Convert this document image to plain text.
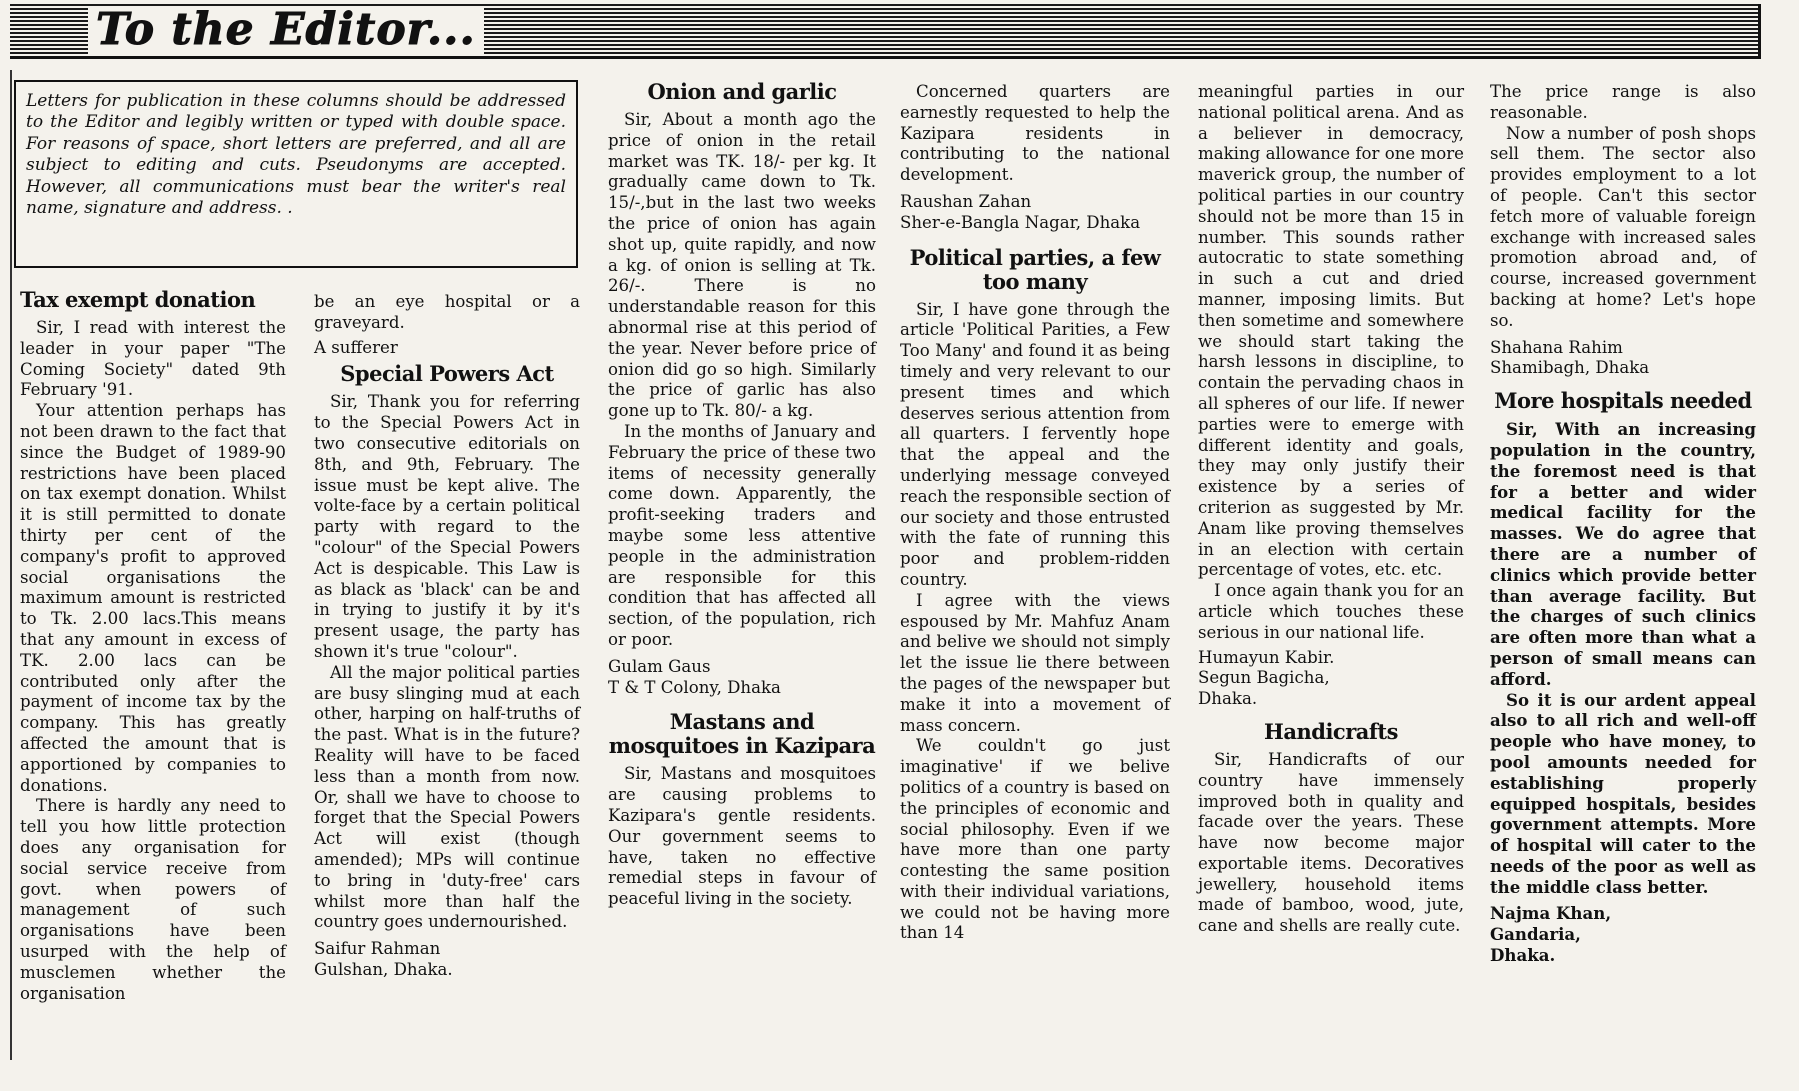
To the Editor...
Letters for publication in these columns should be addressed to the Editor and legibly written or typed with double space. For reasons of space, short letters are preferred, and all are subject to editing and cuts. Pseudonyms are accepted. However, all communications must bear the writer's real name, signature and address. .
Tax exempt donation

Sir, I read with interest the leader in your paper "The Coming Society" dated 9th February '91.

Your attention perhaps has not been drawn to the fact that since the Budget of 1989-90 restrictions have been placed on tax exempt donation. Whilst it is still permitted to donate thirty per cent of the company's profit to approved social organisations the maximum amount is restricted to Tk. 2.00 lacs.This means that any amount in excess of TK. 2.00 lacs can be contributed only after the payment of income tax by the company. This has greatly affected the amount that is apportioned by companies to donations.

There is hardly any need to tell you how little protection does any organisation for social service receive from govt. when powers of management of such organisations have been usurped with the help of musclemen whether the organisation

be an eye hospital or a graveyard.

A sufferer

Special Powers Act

Sir, Thank you for referring to the Special Powers Act in two consecutive editorials on 8th, and 9th, February. The issue must be kept alive. The volte-face by a certain political party with regard to the "colour" of the Special Powers Act is despicable. This Law is as black as 'black' can be and in trying to justify it by it's present usage, the party has shown it's true "colour".

All the major political parties are busy slinging mud at each other, harping on half-truths of the past. What is in the future? Reality will have to be faced less than a month from now. Or, shall we have to choose to forget that the Special Powers Act will exist (though amended); MPs will continue to bring in 'duty-free' cars whilst more than half the country goes undernourished.

Saifur Rahman

Gulshan, Dhaka.

Onion and garlic

Sir, About a month ago the price of onion in the retail market was TK. 18/- per kg. It gradually came down to Tk. 15/-,but in the last two weeks the price of onion has again shot up, quite rapidly, and now a kg. of onion is selling at Tk. 26/-. There is no understandable reason for this abnormal rise at this period of the year. Never before price of onion did go so high. Similarly the price of garlic has also gone up to Tk. 80/- a kg.

In the months of January and February the price of these two items of necessity generally come down. Apparently, the profit-seeking traders and maybe some less attentive people in the administration are responsible for this condition that has affected all section, of the population, rich or poor.

Gulam Gaus

T & T Colony, Dhaka

Mastans and mosquitoes in Kazipara

Sir, Mastans and mosquitoes are causing problems to Kazipara's gentle residents. Our government seems to have, taken no effective remedial steps in favour of peaceful living in the society.

Concerned quarters are earnestly requested to help the Kazipara residents in contributing to the national development.

Raushan Zahan

Sher-e-Bangla Nagar, Dhaka

Political parties, a few too many

Sir, I have gone through the article 'Political Parities, a Few Too Many' and found it as being timely and very relevant to our present times and which deserves serious attention from all quarters. I fervently hope that the appeal and the underlying message conveyed reach the responsible section of our society and those entrusted with the fate of running this poor and problem-ridden country.

I agree with the views espoused by Mr. Mahfuz Anam and belive we should not simply let the issue lie there between the pages of the newspaper but make it into a movement of mass concern.

We couldn't go just imaginative' if we belive politics of a country is based on the principles of economic and social philosophy. Even if we have more than one party contesting the same position with their individual variations, we could not be having more than 14

meaningful parties in our national political arena. And as a believer in democracy, making allowance for one more maverick group, the number of political parties in our country should not be more than 15 in number. This sounds rather autocratic to state something in such a cut and dried manner, imposing limits. But then sometime and somewhere we should start taking the harsh lessons in discipline, to contain the pervading chaos in all spheres of our life. If newer parties were to emerge with different identity and goals, they may only justify their existence by a series of criterion as suggested by Mr. Anam like proving themselves in an election with certain percentage of votes, etc. etc.

I once again thank you for an article which touches these serious in our national life.

Humayun Kabir.

Segun Bagicha,

Dhaka.

Handicrafts

Sir, Handicrafts of our country have immensely improved both in quality and facade over the years. These have now become major exportable items. Decoratives jewellery, household items made of bamboo, wood, jute, cane and shells are really cute.

The price range is also reasonable.

Now a number of posh shops sell them. The sector also provides employment to a lot of people. Can't this sector fetch more of valuable foreign exchange with increased sales promotion abroad and, of course, increased government backing at home? Let's hope so.

Shahana Rahim

Shamibagh, Dhaka

More hospitals needed

Sir, With an increasing population in the country, the foremost need is that for a better and wider medical facility for the masses. We do agree that there are a number of clinics which provide better than average facility. But the charges of such clinics are often more than what a person of small means can afford.

So it is our ardent appeal also to all rich and well-off people who have money, to pool amounts needed for establishing properly equipped hospitals, besides government attempts. More of hospital will cater to the needs of the poor as well as the middle class better.

Najma Khan,

Gandaria,

Dhaka.
